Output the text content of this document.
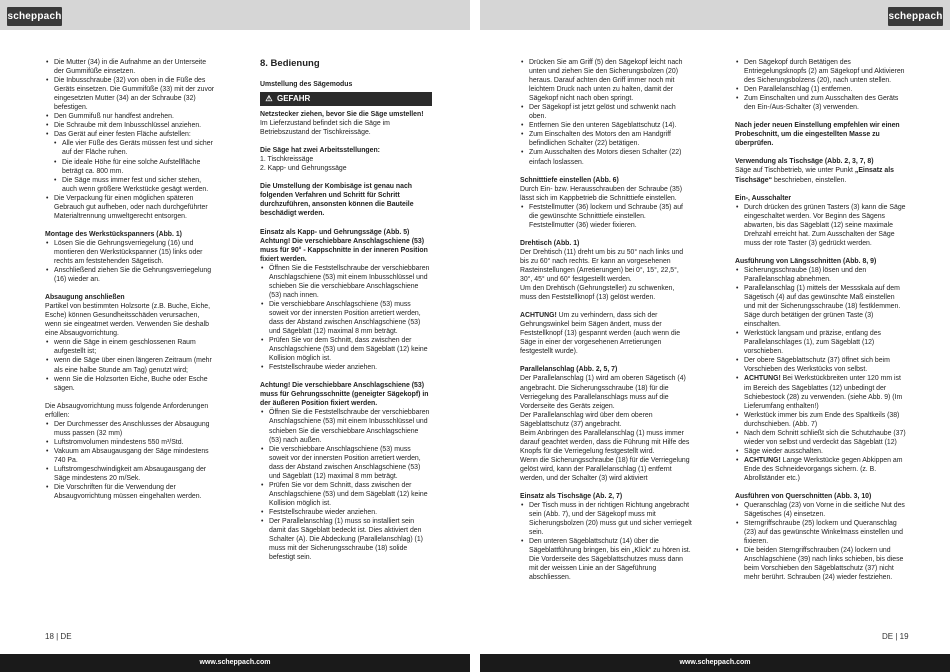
scheppach	scheppach
• Die Mutter (34) in die Aufnahme an der Unterseite der Gummifüße einsetzen.
• Die Inbusschraube (32) von oben in die Füße des Geräts einsetzen. Die Gummifüße (33) mit der zuvor eingesetzten Mutter (34) an der Schraube (32) befestigen.
• Den Gummifuß nur handfest andrehen.
• Die Schraube mit dem Inbusschlüssel anziehen.
• Das Gerät auf einer festen Fläche aufstellen:
• Alle vier Füße des Geräts müssen fest und sicher auf der Fläche ruhen.
• Die ideale Höhe für eine solche Aufstellfläche beträgt ca. 800 mm.
• Die Säge muss immer fest und sicher stehen, auch wenn größere Werkstücke gesägt werden.
• Die Verpackung für einen möglichen späteren Gebrauch gut aufheben, oder nach durchgeführter Materialtrennung umweltgerecht entsorgen.

Montage des Werkstückspanners (Abb. 1)

• Lösen Sie die Gehrungsverriegelung (16) und montieren den Werkstückspanner (15) links oder rechts am feststehenden Sägetisch.
• Anschließend ziehen Sie die Gehrungsverriegelung (16) wieder an.

Absaugung anschließen

Partikel von bestimmten Holzsorte (z.B. Buche, Eiche, Esche) können Gesundheitsschäden verursachen, wenn sie eingeatmet werden. Verwenden Sie deshalb eine Absaugvorrichtung.

• wenn die Säge in einem geschlossenen Raum aufgestellt ist;
• wenn die Säge über einen längeren Zeitraum (mehr als eine halbe Stunde am Tag) genutzt wird;
• wenn Sie die Holzsorten Eiche, Buche oder Esche sägen.

Die Absaugvorrichtung muss folgende Anforderungen erfüllen:

• Der Durchmesser des Anschlusses der Absaugung muss passen (32 mm)
• Luftstromvolumen mindestens 550 m³/Std.
• Vakuum am Absaugausgang der Säge mindestens 740 Pa.
• Luftstromgeschwindigkeit am Absaugausgang der Säge mindestens 20 m/Sek.
• Die Vorschriften für die Verwendung der Absaugvorrichtung müssen eingehalten werden.

8. Bedienung

Umstellung des Sägemodus

⚠ GEFAHR

Netzstecker ziehen, bevor Sie die Säge umstellen!

Im Lieferzustand befindet sich die Säge im Betriebszustand der Tischkreissäge.

Die Säge hat zwei Arbeitsstellungen:

1. Tischkreissäge

2. Kapp- und Gehrungssäge

Die Umstellung der Kombisäge ist genau nach folgenden Verfahren und Schritt für Schritt durchzuführen, ansonsten können die Bauteile beschädigt werden.

Einsatz als Kapp- und Gehrungssäge (Abb. 5)

Achtung! Die verschiebbare Anschlagschiene (53) muss für 90° - Kappschnitte in der inneren Position fixiert werden.

• Öffnen Sie die Feststellschraube der verschiebbaren Anschlagschiene (53) mit einem Inbusschlüssel und schieben Sie die verschiebbare Anschlagschiene (53) nach innen.
• Die verschiebbare Anschlagschiene (53) muss soweit vor der innersten Position arretiert werden, dass der Abstand zwischen Anschlagschiene (53) und Sägeblatt (12) maximal 8 mm beträgt.
• Prüfen Sie vor dem Schnitt, dass zwischen der Anschlagschiene (53) und dem Sägeblatt (12) keine Kollision möglich ist.
• Feststellschraube wieder anziehen.

Achtung! Die verschiebbare Anschlagschiene (53) muss für Gehrungsschnitte (geneigter Sägekopf) in der äußeren Position fixiert werden.

• Öffnen Sie die Feststellschraube der verschiebbaren Anschlagschiene (53) mit einem Inbusschlüssel und schieben Sie die verschiebbare Anschlagschiene (53) nach außen.
• Die verschiebbare Anschlagschiene (53) muss soweit vor der innersten Position arretiert werden, dass der Abstand zwischen Anschlagschiene (53) und Sägeblatt (12) maximal 8 mm beträgt.
• Prüfen Sie vor dem Schnitt, dass zwischen der Anschlagschiene (53) und dem Sägeblatt (12) keine Kollision möglich ist.
• Feststellschraube wieder anziehen.
• Der Parallelanschlag (1) muss so installiert sein damit das Sägeblatt bedeckt ist. Dies aktiviert den Schalter (A). Die Abdeckung (Parallelanschlag) (1) muss mit der Sicherungsschraube (18) solide befestigt sein.
• Drücken Sie am Griff (5) den Sägekopf leicht nach unten und ziehen Sie den Sicherungsbolzen (20) heraus. Darauf achten den Griff immer noch mit leichtem Druck nach unten zu halten, damit der Sägekopf nicht nach oben springt.
• Der Sägekopf ist jetzt gelöst und schwenkt nach oben.
• Entfernen Sie den unteren Sägeblattschutz (14).
• Zum Einschalten des Motors den am Handgriff befindlichen Schalter (22) betätigen.
• Zum Ausschalten des Motors diesen Schalter (22) einfach loslassen.

Schnitttiefe einstellen (Abb. 6)

Durch Ein- bzw. Herausschrauben der Schraube (35) lässt sich im Kappbetrieb die Schnitttiefe einstellen.

• Feststellmutter (36) lockern und Schraube (35) auf die gewünschte Schnitttiefe einstellen. Feststellmutter (36) wieder fixieren.

Drehtisch (Abb. 1)

Der Drehtisch (11) dreht um bis zu 50° nach links und bis zu 60° nach rechts. Er kann an vorgesehenen Rasteinstellungen (Arretierungen) bei 0°, 15°, 22,5°, 30°, 45° und 60° festgestellt werden.

Um den Drehtisch (Gehrungsteller) zu schwenken, muss den Feststellknopf (13) gelöst werden.

ACHTUNG! Um zu verhindern, dass sich der Gehrungswinkel beim Sägen ändert, muss der Feststellknopf (13) gespannt werden (auch wenn die Säge in einer der vorgesehenen Arretierungen festgestellt wurde).

Parallelanschlag (Abb. 2, 5, 7)

Der Parallelanschlag (1) wird am oberen Sägetisch (4) angebracht. Die Sicherungsschraube (18) für die Verriegelung des Parallelanschlags muss auf die Vorderseite des Geräts zeigen.

Der Parallelanschlag wird über dem oberen Sägeblattschutz (37) angebracht.

Beim Anbringen des Parallelanschlag (1) muss immer darauf geachtet werden, dass die Führung mit Hilfe des Knopfs für die Verriegelung festgestellt wird.

Wenn die Sicherungsschraube (18) für die Verriegelung gelöst wird, kann der Parallelanschlag (1) entfernt werden, und der Schalter (3) wird aktiviert

Einsatz als Tischsäge (Ab. 2, 7)

• Der Tisch muss in der richtigen Richtung angebracht sein (Abb. 7), und der Sägekopf muss mit Sicherungsbolzen (20) muss gut und sicher verriegelt sein.
• Den unteren Sägeblattschutz (14) über die Sägeblattführung bringen, bis ein „Klick“ zu hören ist. Die Vorderseite des Sägeblattschutzes muss dann mit der weissen Linie an der Sägeführung abschliessen.
• Den Sägekopf durch Betätigen des Entriegelungsknopfs (2) am Sägekopf und Aktivieren des Sicherungsbolzens (20), nach unten stellen.
• Den Parallelanschlag (1) entfernen.
• Zum Einschalten und zum Ausschalten des Geräts den Ein-/Aus-Schalter (3) verwenden.

Nach jeder neuen Einstellung empfehlen wir einen Probeschnitt, um die eingestellten Masse zu überprüfen.

Verwendung als Tischsäge (Abb. 2, 3, 7, 8)

Säge auf Tischbetrieb, wie unter Punkt „Einsatz als Tischsäge“ beschrieben, einstellen.

Ein-, Ausschalter

• Durch drücken des grünen Tasters (3) kann die Säge eingeschaltet werden. Vor Beginn des Sägens abwarten, bis das Sägeblatt (12) seine maximale Drehzahl erreicht hat. Zum Ausschalten der Säge muss der rote Taster (3) gedrückt werden.

Ausführung von Längsschnitten (Abb. 8, 9)

• Sicherungsschraube (18) lösen und den Parallelanschlag abnehmen.
• Parallelanschlag (1) mittels der Messskala auf dem Sägetisch (4) auf das gewünschte Maß einstellen und mit der Sicherungsschraube (18) festklemmen. Säge durch betätigen der grünen Taste (3) einschalten.
• Werkstück langsam und präzise, entlang des Parallelanschlages (1), zum Sägeblatt (12) vorschieben.
• Der obere Sägeblattschutz (37) öffnet sich beim Vorschieben des Werkstücks von selbst.
• ACHTUNG! Bei Werkstückbreiten unter 120 mm ist im Bereich des Sägeblattes (12) unbedingt der Schiebestock (28) zu verwenden. (siehe Abb. 9) (Im Lieferumfang enthalten!)
• Werkstück immer bis zum Ende des Spaltkeils (38) durchschieben. (Abb. 7)
• Nach dem Schnitt schließt sich die Schutzhaube (37) wieder von selbst und verdeckt das Sägeblatt (12)
• Säge wieder ausschalten.
• ACHTUNG! Lange Werkstücke gegen Abkippen am Ende des Schneidevorgangs sichern. (z. B. Abrollständer etc.)

Ausführen von Querschnitten (Abb. 3, 10)

• Queranschlag (23) von Vorne in die seitliche Nut des Sägetisches (4) einsetzen.
• Sterngriffschraube (25) lockern und Queranschlag (23) auf das gewünschte Winkelmass einstellen und fixieren.
• Die beiden Sterngriffschrauben (24) lockern und Anschlagschiene (39) nach links schieben, bis diese beim Vorschieben den Sägeblattschutz (37) nicht mehr berührt. Schrauben (24) wieder festziehen.
18 | DE	DE | 19
www.scheppach.com	www.scheppach.com
